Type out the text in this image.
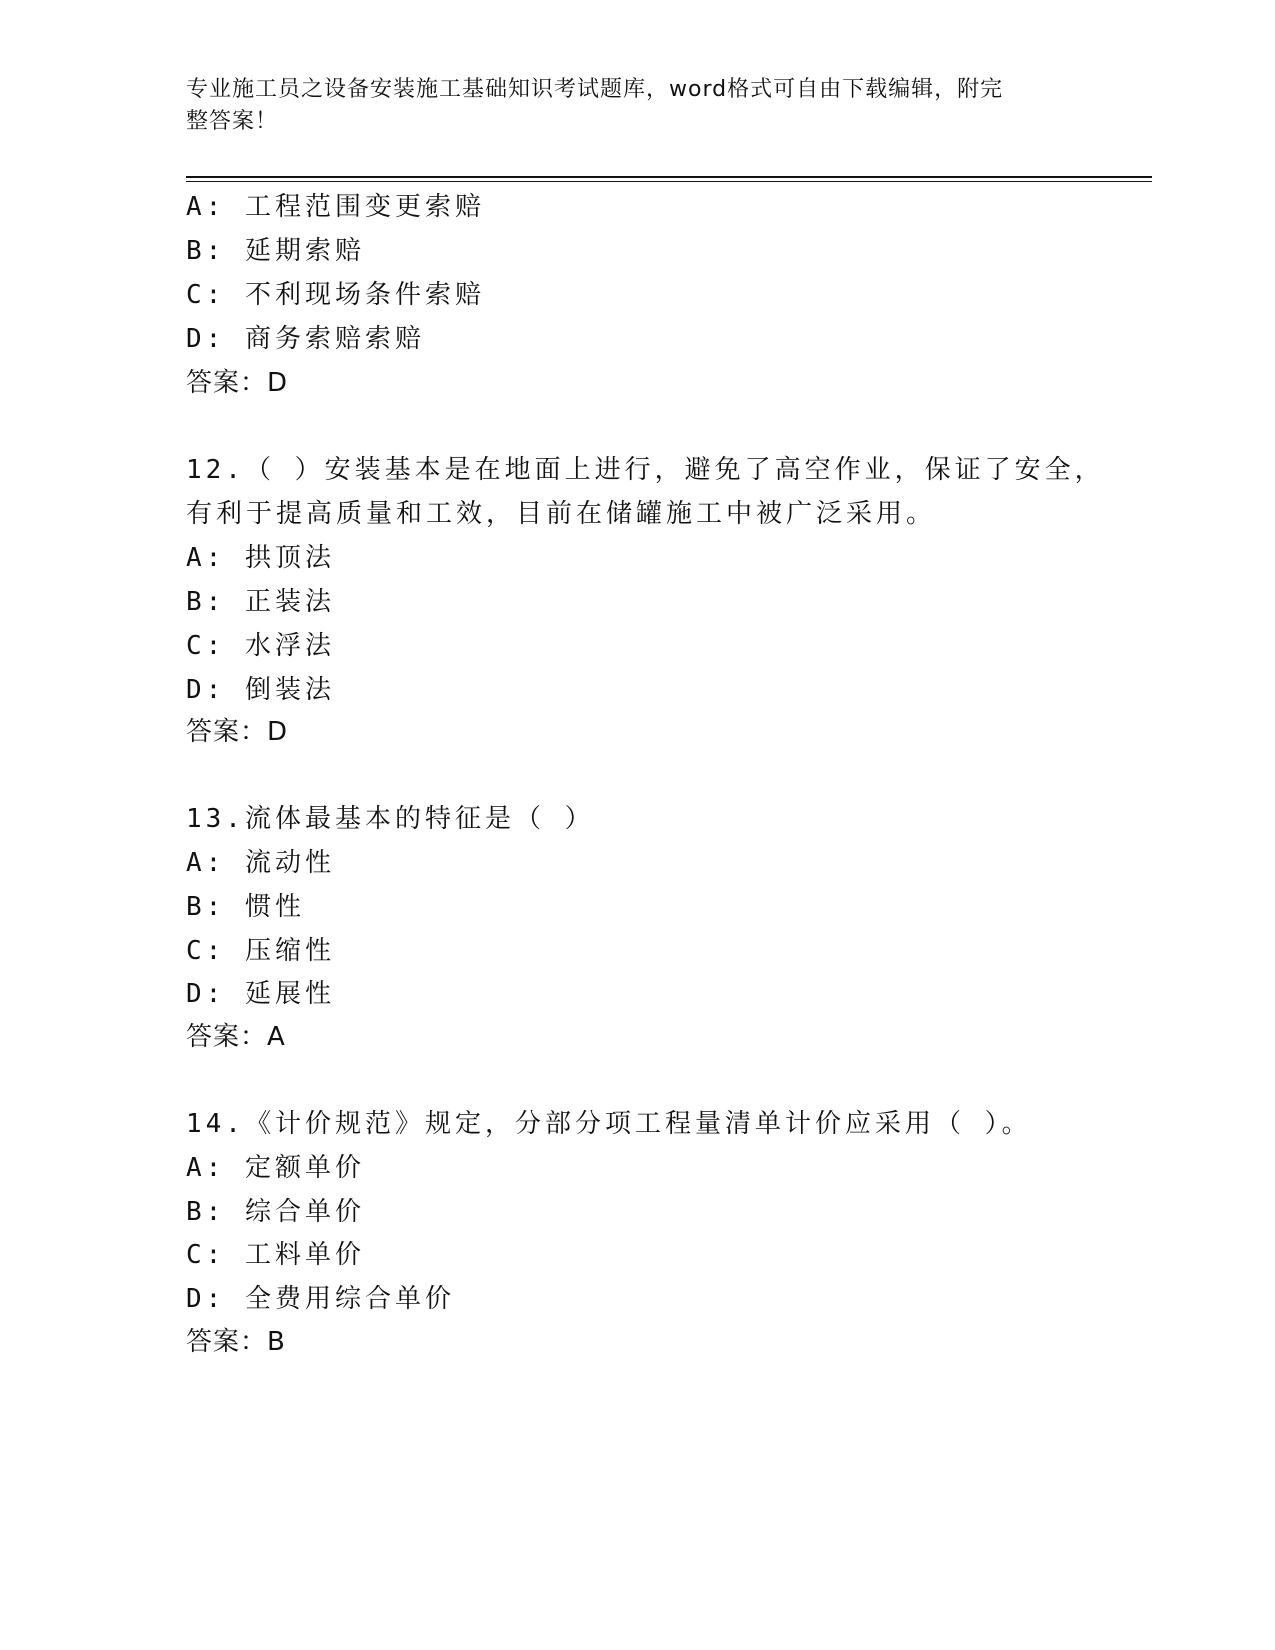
专业施工员之设备安装施工基础知识考试题库，word格式可自由下载编辑，附完
整答案！
A: 工程范围变更索赔
B: 延期索赔
C: 不利现场条件索赔
D: 商务索赔索赔
答案：D
12.（ ）安装基本是在地面上进行，避免了高空作业，保证了安全，
有利于提高质量和工效，目前在储罐施工中被广泛采用。
A: 拱顶法
B: 正装法
C: 水浮法
D: 倒装法
答案：D
13.流体最基本的特征是（ ）
A: 流动性
B: 惯性
C: 压缩性
D: 延展性
答案：A
14.《计价规范》规定，分部分项工程量清单计价应采用（ ）。
A: 定额单价
B: 综合单价
C: 工料单价
D: 全费用综合单价
答案：B
